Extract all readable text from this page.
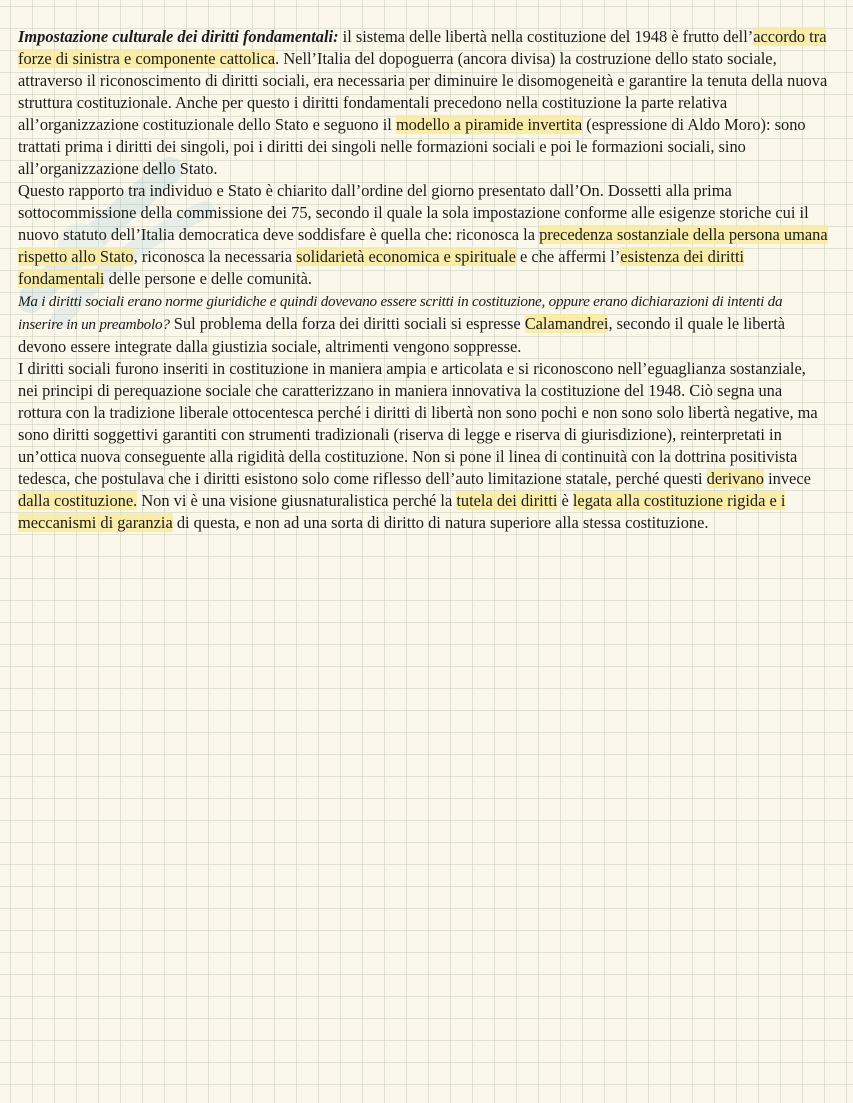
Impostazione culturale dei diritti fondamentali: il sistema delle libertà nella costituzione del 1948 è frutto dell’accordo tra forze di sinistra e componente cattolica. Nell’Italia del dopoguerra (ancora divisa) la costruzione dello stato sociale, attraverso il riconoscimento di diritti sociali, era necessaria per diminuire le disomogeneità e garantire la tenuta della nuova struttura costituzionale. Anche per questo i diritti fondamentali precedono nella costituzione la parte relativa all’organizzazione costituzionale dello Stato e seguono il modello a piramide invertita (espressione di Aldo Moro): sono trattati prima i diritti dei singoli, poi i diritti dei singoli nelle formazioni sociali e poi le formazioni sociali, sino all’organizzazione dello Stato.

Questo rapporto tra individuo e Stato è chiarito dall’ordine del giorno presentato dall’On. Dossetti alla prima sottocommissione della commissione dei 75, secondo il quale la sola impostazione conforme alle esigenze storiche cui il nuovo statuto dell’Italia democratica deve soddisfare è quella che: riconosca la precedenza sostanziale della persona umana rispetto allo Stato, riconosca la necessaria solidarietà economica e spirituale e che affermi l’esistenza dei diritti fondamentali delle persone e delle comunità.

Ma i diritti sociali erano norme giuridiche e quindi dovevano essere scritti in costituzione, oppure erano dichiarazioni di intenti da inserire in un preambolo? Sul problema della forza dei diritti sociali si espresse Calamandrei, secondo il quale le libertà devono essere integrate dalla giustizia sociale, altrimenti vengono soppresse.

I diritti sociali furono inseriti in costituzione in maniera ampia e articolata e si riconoscono nell’eguaglianza sostanziale, nei principi di perequazione sociale che caratterizzano in maniera innovativa la costituzione del 1948. Ciò segna una rottura con la tradizione liberale ottocentesca perché i diritti di libertà non sono pochi e non sono solo libertà negative, ma sono diritti soggettivi garantiti con strumenti tradizionali (riserva di legge e riserva di giurisdizione), reinterpretati in un’ottica nuova conseguente alla rigidità della costituzione. Non si pone il linea di continuità con la dottrina positivista tedesca, che postulava che i diritti esistono solo come riflesso dell’auto limitazione statale, perché questi derivano invece dalla costituzione. Non vi è una visione giusnaturalistica perché la tutela dei diritti è legata alla costituzione rigida e i meccanismi di garanzia di questa, e non ad una sorta di diritto di natura superiore alla stessa costituzione.
